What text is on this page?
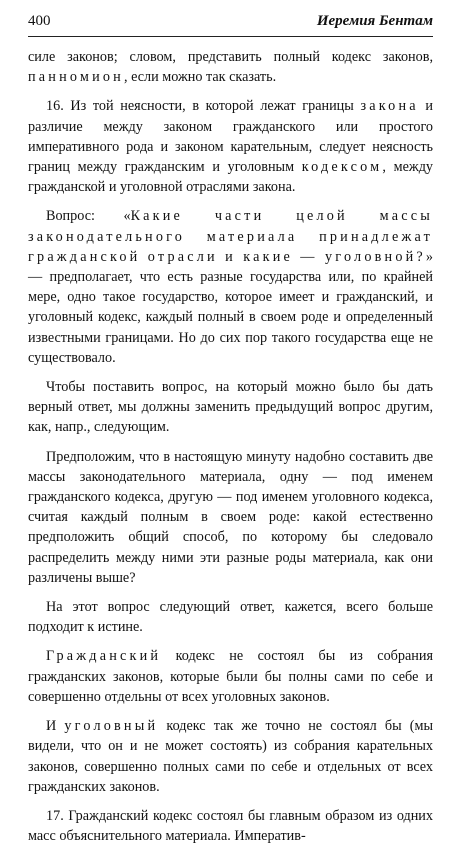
400	Иеремия Бентам

силе законов; словом, представить полный кодекс законов, панномион, если можно так сказать.

16. Из той неясности, в которой лежат границы закона и различие между законом гражданского или простого императивного рода и законом карательным, следует неясность границ между гражданским и уголовным кодексом, между гражданской и уголовной отраслями закона.

Вопрос: «Какие части целой массы законодательного материала принадлежат гражданской отрасли и какие — уголовной?» — предполагает, что есть разные государства или, по крайней мере, одно такое государство, которое имеет и гражданский, и уголовный кодекс, каждый полный в своем роде и определенный известными границами. Но до сих пор такого государства еще не существовало.

Чтобы поставить вопрос, на который можно было бы дать верный ответ, мы должны заменить предыдущий вопрос другим, как, напр., следующим.

Предположим, что в настоящую минуту надобно составить две массы законодательного материала, одну — под именем гражданского кодекса, другую — под именем уголовного кодекса, считая каждый полным в своем роде: какой естественно предположить общий способ, по которому бы следовало распределить между ними эти разные роды материала, как они различены выше?

На этот вопрос следующий ответ, кажется, всего больше подходит к истине.

Гражданский кодекс не состоял бы из собрания гражданских законов, которые были бы полны сами по себе и совершенно отдельны от всех уголовных законов.

И уголовный кодекс так же точно не состоял бы (мы видели, что он и не может состоять) из собрания карательных законов, совершенно полных сами по себе и отдельных от всех гражданских законов.

17. Гражданский кодекс состоял бы главным образом из одних масс объяснительного материала. Императив-
